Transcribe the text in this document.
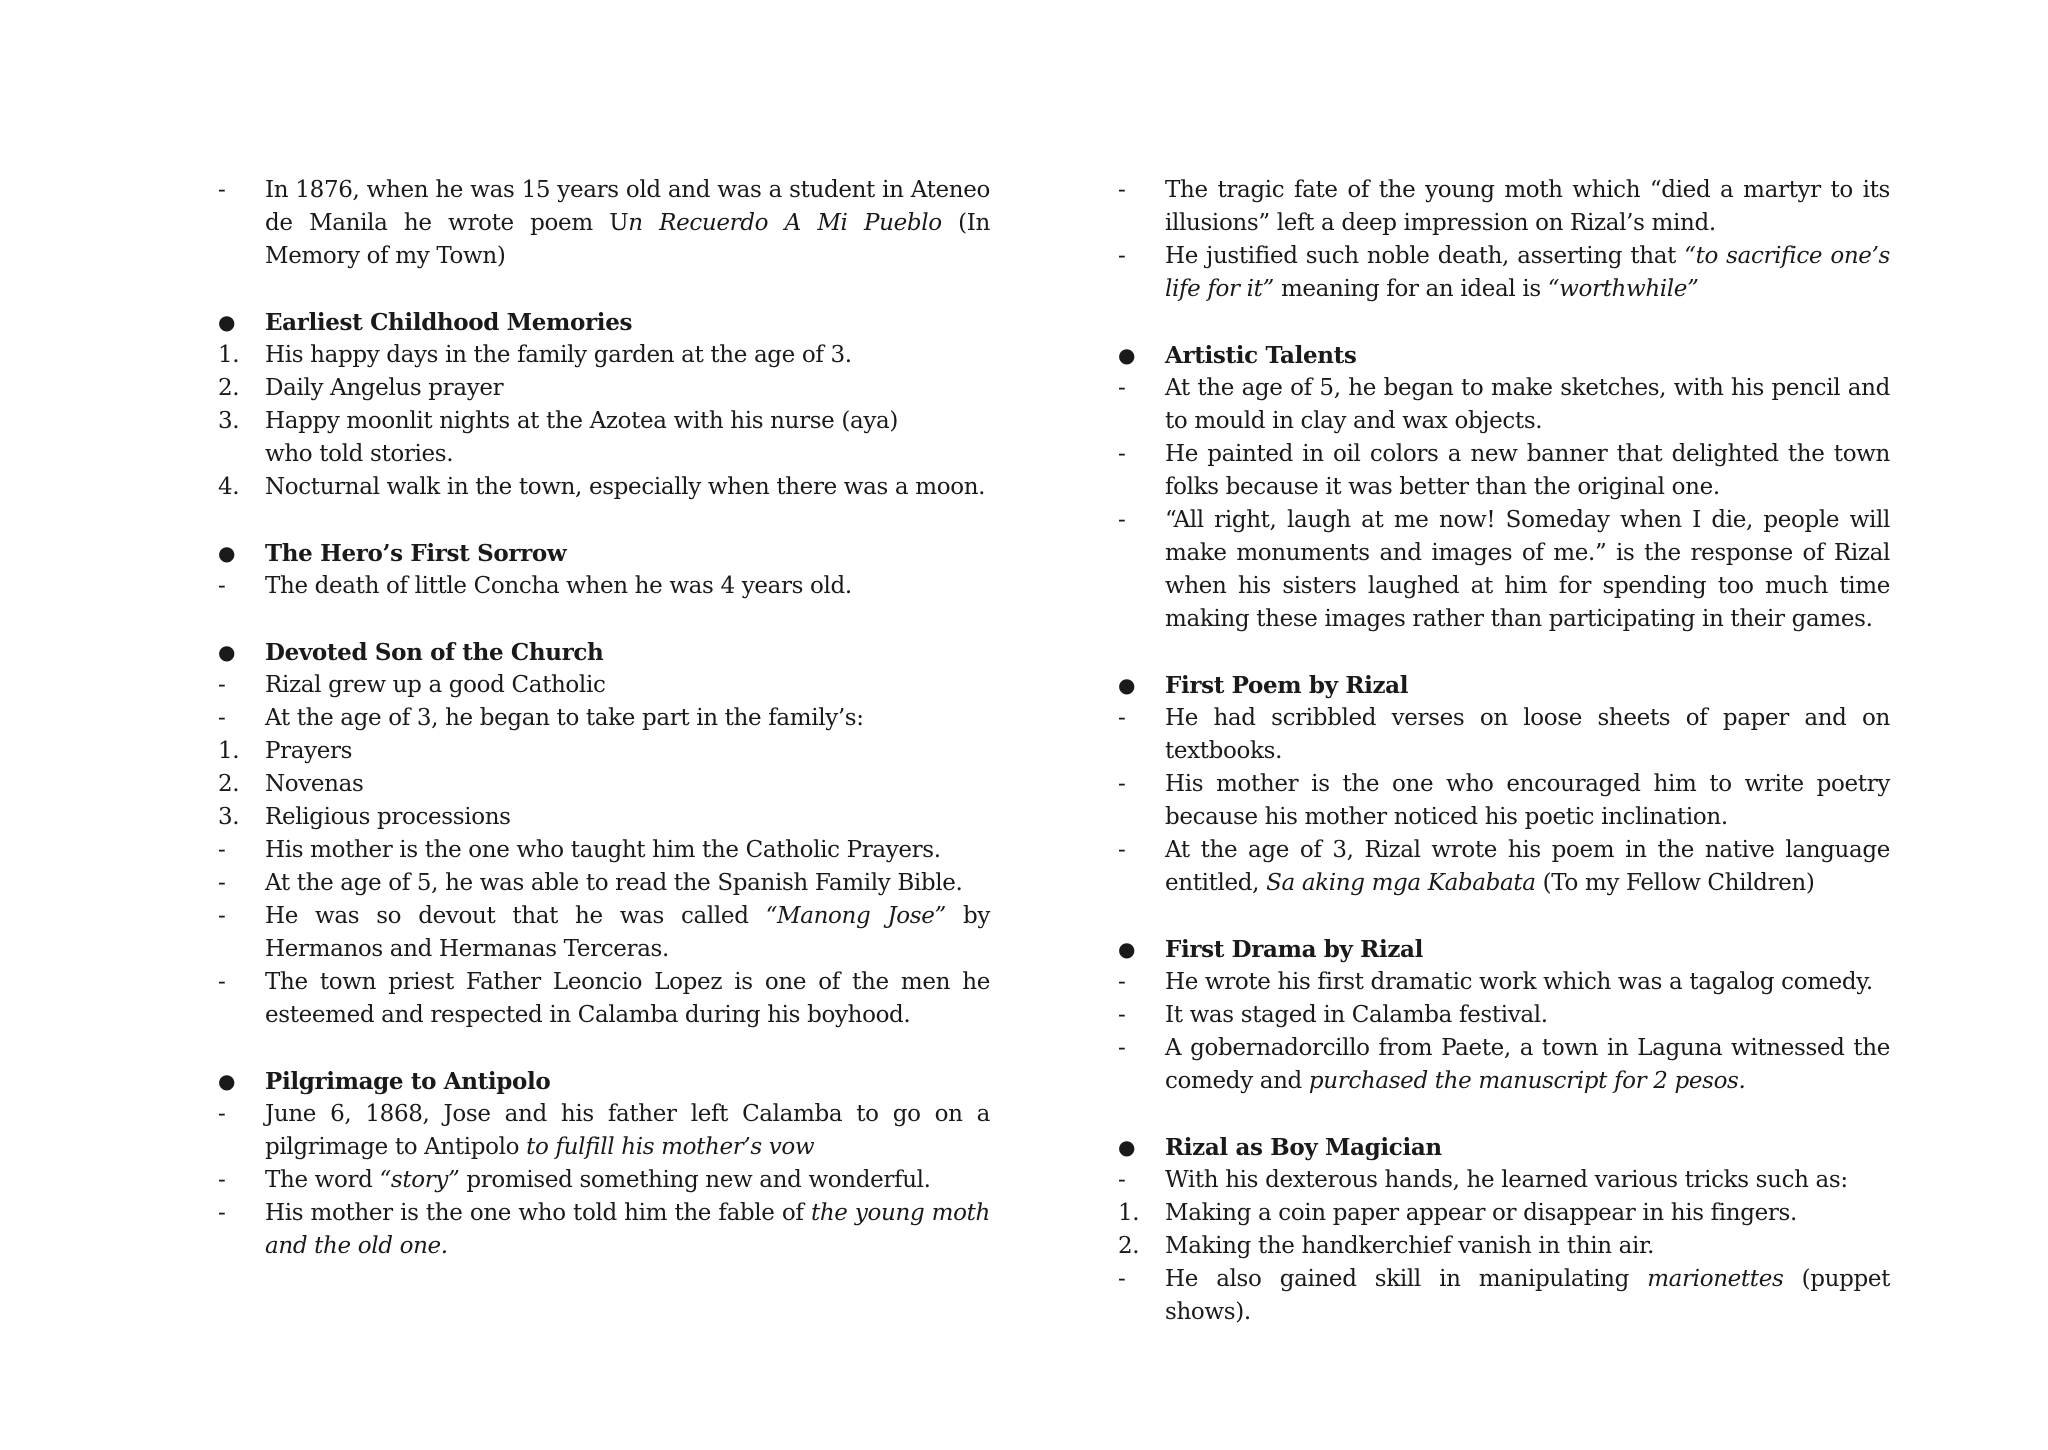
-	In 1876, when he was 15 years old and was a student in Ateneo de Manila he wrote poem Un Recuerdo A Mi Pueblo (In Memory of my Town)
●	Earliest Childhood Memories
1.	His happy days in the family garden at the age of 3.
2.	Daily Angelus prayer
3.	Happy moonlit nights at the Azotea with his nurse (aya)
who told stories.
4.	Nocturnal walk in the town, especially when there was a moon.
●	The Hero’s First Sorrow
-	The death of little Concha when he was 4 years old.
●	Devoted Son of the Church
-	Rizal grew up a good Catholic
-	At the age of 3, he began to take part in the family’s:
1.	Prayers
2.	Novenas
3.	Religious processions
-	His mother is the one who taught him the Catholic Prayers.
-	At the age of 5, he was able to read the Spanish Family Bible.
-	He was so devout that he was called “Manong Jose” by Hermanos and Hermanas Terceras.
-	The town priest Father Leoncio Lopez is one of the men he esteemed and respected in Calamba during his boyhood.
●	Pilgrimage to Antipolo
-	June 6, 1868, Jose and his father left Calamba to go on a pilgrimage to Antipolo to fulfill his mother’s vow
-	The word “story” promised something new and wonderful.
-	His mother is the one who told him the fable of the young moth and the old one.
-	The tragic fate of the young moth which “died a martyr to its illusions” left a deep impression on Rizal’s mind.
-	He justified such noble death, asserting that “to sacrifice one’s life for it” meaning for an ideal is “worthwhile”
●	Artistic Talents
-	At the age of 5, he began to make sketches, with his pencil and to mould in clay and wax objects.
-	He painted in oil colors a new banner that delighted the town folks because it was better than the original one.
-	“All right, laugh at me now! Someday when I die, people will make monuments and images of me.” is the response of Rizal when his sisters laughed at him for spending too much time making these images rather than participating in their games.
●	First Poem by Rizal
-	He had scribbled verses on loose sheets of paper and on textbooks.
-	His mother is the one who encouraged him to write poetry because his mother noticed his poetic inclination.
-	At the age of 3, Rizal wrote his poem in the native language entitled, Sa aking mga Kababata (To my Fellow Children)
●	First Drama by Rizal
-	He wrote his first dramatic work which was a tagalog comedy.
-	It was staged in Calamba festival.
-	A gobernadorcillo from Paete, a town in Laguna witnessed the comedy and purchased the manuscript for 2 pesos.
●	Rizal as Boy Magician
-	With his dexterous hands, he learned various tricks such as:
1.	Making a coin paper appear or disappear in his fingers.
2.	Making the handkerchief vanish in thin air.
-	He also gained skill in manipulating marionettes (puppet shows).
